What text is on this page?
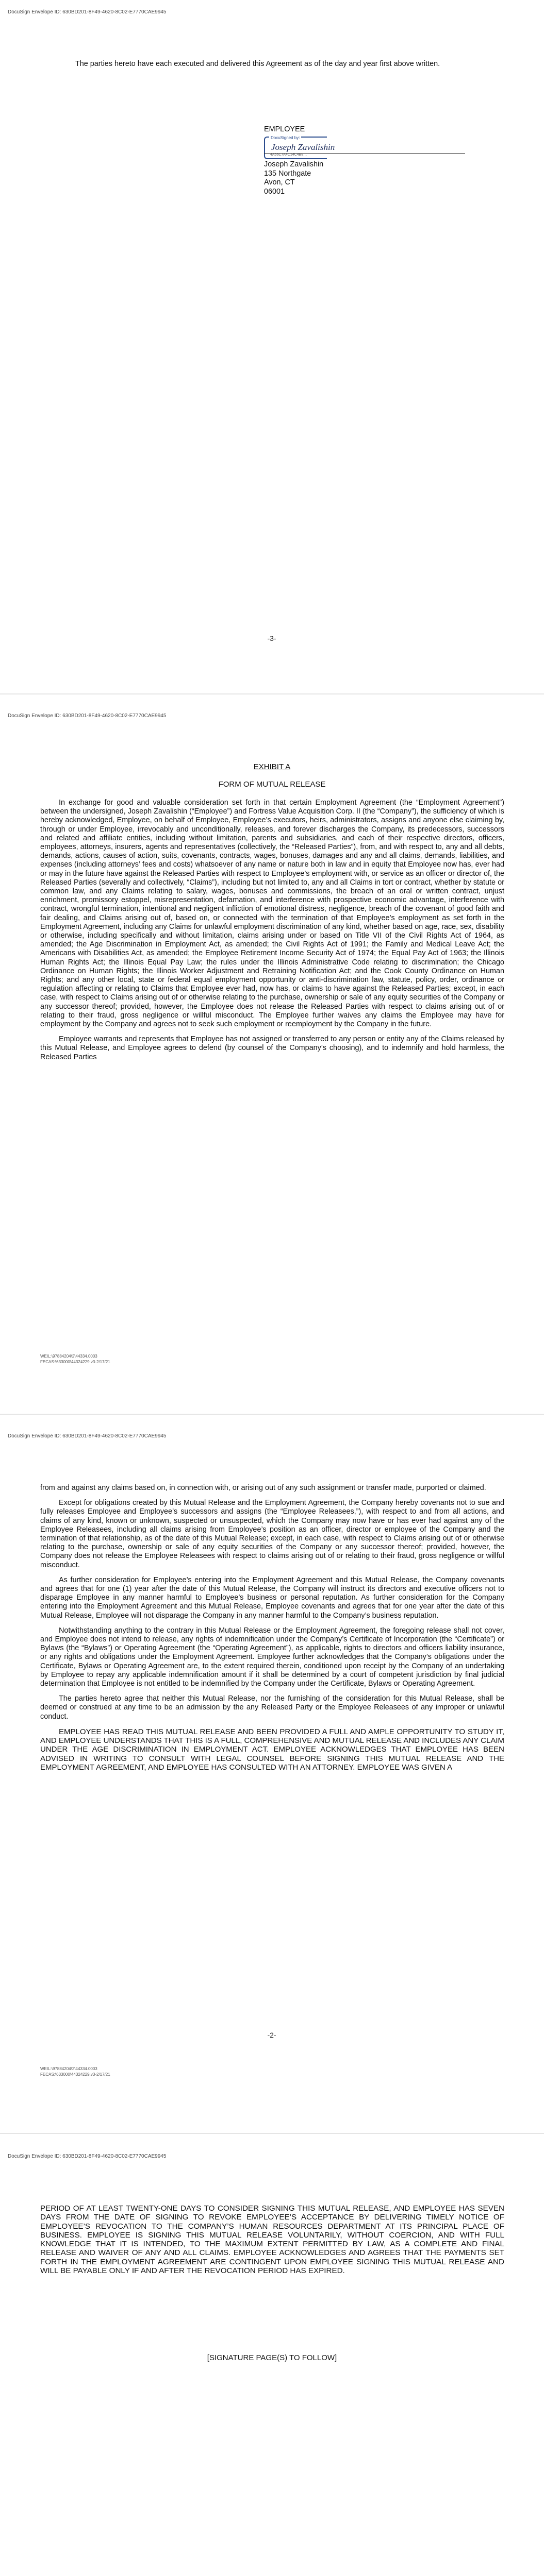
DocuSign Envelope ID: 630BD201-8F49-4620-8C02-E7770CAE9945

The parties hereto have each executed and delivered this Agreement as of the day and year first above written.

EMPLOYEE
DocuSigned by:
Joseph Zavalishin
4A56C7A4C14C4B8…
Joseph Zavalishin
135 Northgate
Avon, CT
06001
-3-
DocuSign Envelope ID: 630BD201-8F49-4620-8C02-E7770CAE9945
EXHIBIT A
FORM OF MUTUAL RELEASE

In exchange for good and valuable consideration set forth in that certain Employment Agreement (the “Employment Agreement”) between the undersigned, Joseph Zavalishin (“Employee”) and Fortress Value Acquisition Corp. II (the “Company”), the sufficiency of which is hereby acknowledged, Employee, on behalf of Employee, Employee’s executors, heirs, administrators, assigns and anyone else claiming by, through or under Employee, irrevocably and unconditionally, releases, and forever discharges the Company, its predecessors, successors and related and affiliate entities, including without limitation, parents and subsidiaries, and each of their respective directors, officers, employees, attorneys, insurers, agents and representatives (collectively, the “Released Parties”), from, and with respect to, any and all debts, demands, actions, causes of action, suits, covenants, contracts, wages, bonuses, damages and any and all claims, demands, liabilities, and expenses (including attorneys’ fees and costs) whatsoever of any name or nature both in law and in equity that Employee now has, ever had or may in the future have against the Released Parties with respect to Employee’s employment with, or service as an officer or director of, the Released Parties (severally and collectively, “Claims”), including but not limited to, any and all Claims in tort or contract, whether by statute or common law, and any Claims relating to salary, wages, bonuses and commissions, the breach of an oral or written contract, unjust enrichment, promissory estoppel, misrepresentation, defamation, and interference with prospective economic advantage, interference with contract, wrongful termination, intentional and negligent infliction of emotional distress, negligence, breach of the covenant of good faith and fair dealing, and Claims arising out of, based on, or connected with the termination of that Employee’s employment as set forth in the Employment Agreement, including any Claims for unlawful employment discrimination of any kind, whether based on age, race, sex, disability or otherwise, including specifically and without limitation, claims arising under or based on Title VII of the Civil Rights Act of 1964, as amended; the Age Discrimination in Employment Act, as amended; the Civil Rights Act of 1991; the Family and Medical Leave Act; the Americans with Disabilities Act, as amended; the Employee Retirement Income Security Act of 1974; the Equal Pay Act of 1963; the Illinois Human Rights Act; the Illinois Equal Pay Law; the rules under the Illinois Administrative Code relating to discrimination; the Chicago Ordinance on Human Rights; the Illinois Worker Adjustment and Retraining Notification Act; and the Cook County Ordinance on Human Rights; and any other local, state or federal equal employment opportunity or anti-discrimination law, statute, policy, order, ordinance or regulation affecting or relating to Claims that Employee ever had, now has, or claims to have against the Released Parties; except, in each case, with respect to Claims arising out of or otherwise relating to the purchase, ownership or sale of any equity securities of the Company or any successor thereof; provided, however, the Employee does not release the Released Parties with respect to claims arising out of or relating to their fraud, gross negligence or willful misconduct. The Employee further waives any claims the Employee may have for employment by the Company and agrees not to seek such employment or reemployment by the Company in the future.

Employee warrants and represents that Employee has not assigned or transferred to any person or entity any of the Claims released by this Mutual Release, and Employee agrees to defend (by counsel of the Company’s choosing), and to indemnify and hold harmless, the Released Parties

WEIL:\97884204\2\44334.0003
FECAS:\633000\44324229.v3-2/17/21
DocuSign Envelope ID: 630BD201-8F49-4620-8C02-E7770CAE9945

from and against any claims based on, in connection with, or arising out of any such assignment or transfer made, purported or claimed.

Except for obligations created by this Mutual Release and the Employment Agreement, the Company hereby covenants not to sue and fully releases Employee and Employee’s successors and assigns (the “Employee Releasees,”), with respect to and from all actions, and claims of any kind, known or unknown, suspected or unsuspected, which the Company may now have or has ever had against any of the Employee Releasees, including all claims arising from Employee’s position as an officer, director or employee of the Company and the termination of that relationship, as of the date of this Mutual Release; except, in each case, with respect to Claims arising out of or otherwise relating to the purchase, ownership or sale of any equity securities of the Company or any successor thereof; provided, however, the Company does not release the Employee Releasees with respect to claims arising out of or relating to their fraud, gross negligence or willful misconduct.

As further consideration for Employee’s entering into the Employment Agreement and this Mutual Release, the Company covenants and agrees that for one (1) year after the date of this Mutual Release, the Company will instruct its directors and executive officers not to disparage Employee in any manner harmful to Employee’s business or personal reputation. As further consideration for the Company entering into the Employment Agreement and this Mutual Release, Employee covenants and agrees that for one year after the date of this Mutual Release, Employee will not disparage the Company in any manner harmful to the Company’s business reputation.

Notwithstanding anything to the contrary in this Mutual Release or the Employment Agreement, the foregoing release shall not cover, and Employee does not intend to release, any rights of indemnification under the Company’s Certificate of Incorporation (the “Certificate”) or Bylaws (the “Bylaws”) or Operating Agreement (the “Operating Agreement”), as applicable, rights to directors and officers liability insurance, or any rights and obligations under the Employment Agreement. Employee further acknowledges that the Company’s obligations under the Certificate, Bylaws or Operating Agreement are, to the extent required therein, conditioned upon receipt by the Company of an undertaking by Employee to repay any applicable indemnification amount if it shall be determined by a court of competent jurisdiction by final judicial determination that Employee is not entitled to be indemnified by the Company under the Certificate, Bylaws or Operating Agreement.

The parties hereto agree that neither this Mutual Release, nor the furnishing of the consideration for this Mutual Release, shall be deemed or construed at any time to be an admission by the any Released Party or the Employee Releasees of any improper or unlawful conduct.

EMPLOYEE HAS READ THIS MUTUAL RELEASE AND BEEN PROVIDED A FULL AND AMPLE OPPORTUNITY TO STUDY IT, AND EMPLOYEE UNDERSTANDS THAT THIS IS A FULL, COMPREHENSIVE AND MUTUAL RELEASE AND INCLUDES ANY CLAIM UNDER THE AGE DISCRIMINATION IN EMPLOYMENT ACT. EMPLOYEE ACKNOWLEDGES THAT EMPLOYEE HAS BEEN ADVISED IN WRITING TO CONSULT WITH LEGAL COUNSEL BEFORE SIGNING THIS MUTUAL RELEASE AND THE EMPLOYMENT AGREEMENT, AND EMPLOYEE HAS CONSULTED WITH AN ATTORNEY. EMPLOYEE WAS GIVEN A

-2-
WEIL:\97884204\2\44334.0003
FECAS:\633000\44324229.v3-2/17/21
DocuSign Envelope ID: 630BD201-8F49-4620-8C02-E7770CAE9945
PERIOD OF AT LEAST TWENTY-ONE DAYS TO CONSIDER SIGNING THIS MUTUAL RELEASE, AND EMPLOYEE HAS SEVEN DAYS FROM THE DATE OF SIGNING TO REVOKE EMPLOYEE’S ACCEPTANCE BY DELIVERING TIMELY NOTICE OF EMPLOYEE’S REVOCATION TO THE COMPANY’S HUMAN RESOURCES DEPARTMENT AT ITS PRINCIPAL PLACE OF BUSINESS. EMPLOYEE IS SIGNING THIS MUTUAL RELEASE VOLUNTARILY, WITHOUT COERCION, AND WITH FULL KNOWLEDGE THAT IT IS INTENDED, TO THE MAXIMUM EXTENT PERMITTED BY LAW, AS A COMPLETE AND FINAL RELEASE AND WAIVER OF ANY AND ALL CLAIMS. EMPLOYEE ACKNOWLEDGES AND AGREES THAT THE PAYMENTS SET FORTH IN THE EMPLOYMENT AGREEMENT ARE CONTINGENT UPON EMPLOYEE SIGNING THIS MUTUAL RELEASE AND WILL BE PAYABLE ONLY IF AND AFTER THE REVOCATION PERIOD HAS EXPIRED.
[SIGNATURE PAGE(S) TO FOLLOW]
